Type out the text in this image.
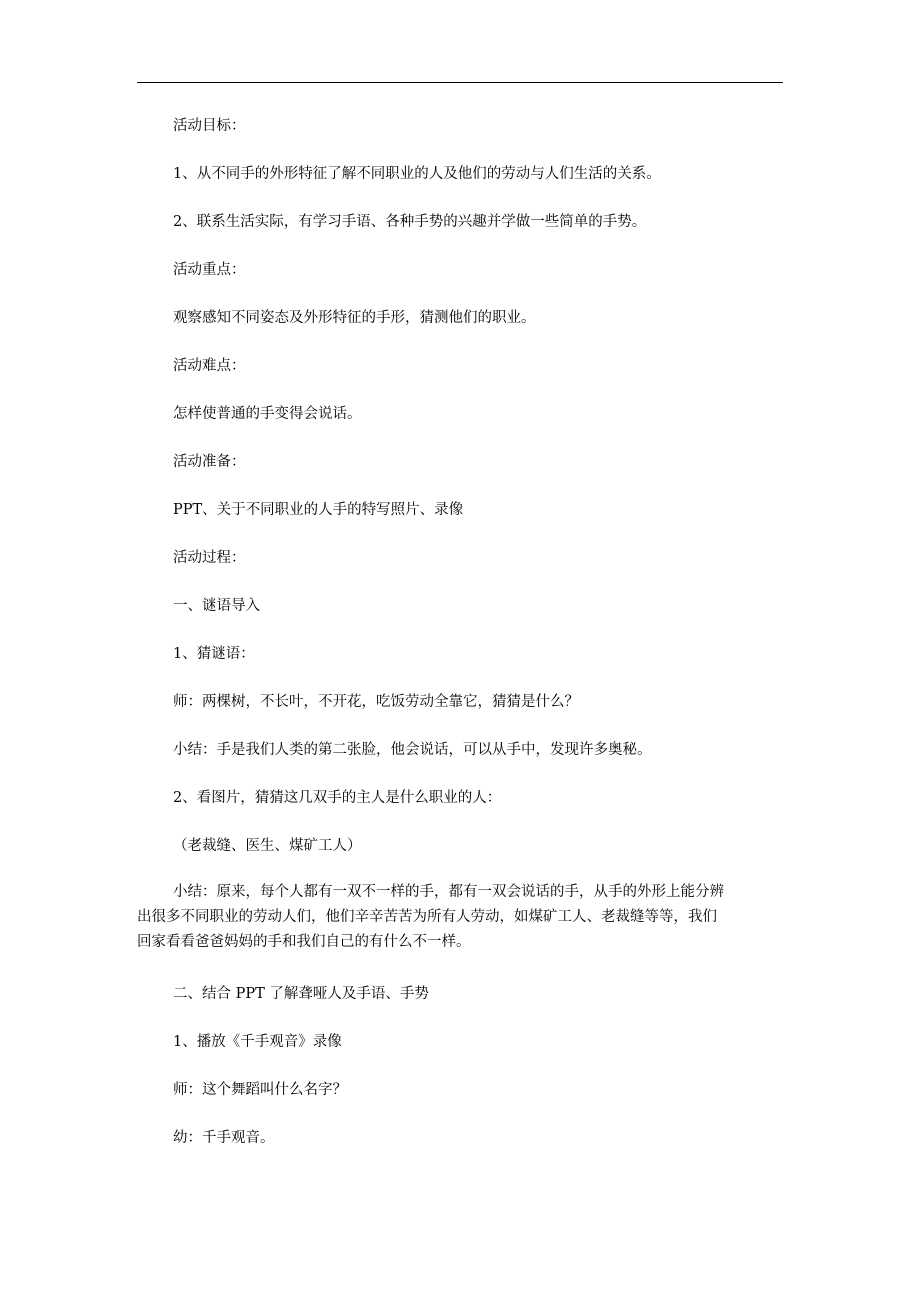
活动目标：
1、从不同手的外形特征了解不同职业的人及他们的劳动与人们生活的关系。
2、联系生活实际，有学习手语、各种手势的兴趣并学做一些简单的手势。
活动重点：
观察感知不同姿态及外形特征的手形，猜测他们的职业。
活动难点：
怎样使普通的手变得会说话。
活动准备：
PPT、关于不同职业的人手的特写照片、录像
活动过程：
一、谜语导入
1、猜谜语：
师：两棵树，不长叶，不开花，吃饭劳动全靠它，猜猜是什么？
小结：手是我们人类的第二张脸，他会说话，可以从手中，发现许多奥秘。
2、看图片，猜猜这几双手的主人是什么职业的人：
（老裁缝、医生、煤矿工人）
小结：原来，每个人都有一双不一样的手，都有一双会说话的手，从手的外形上能分辨
出很多不同职业的劳动人们，他们辛辛苦苦为所有人劳动，如煤矿工人、老裁缝等等，我们
回家看看爸爸妈妈的手和我们自己的有什么不一样。
二、结合 PPT 了解聋哑人及手语、手势
1、播放《千手观音》录像
师：这个舞蹈叫什么名字？
幼：千手观音。
